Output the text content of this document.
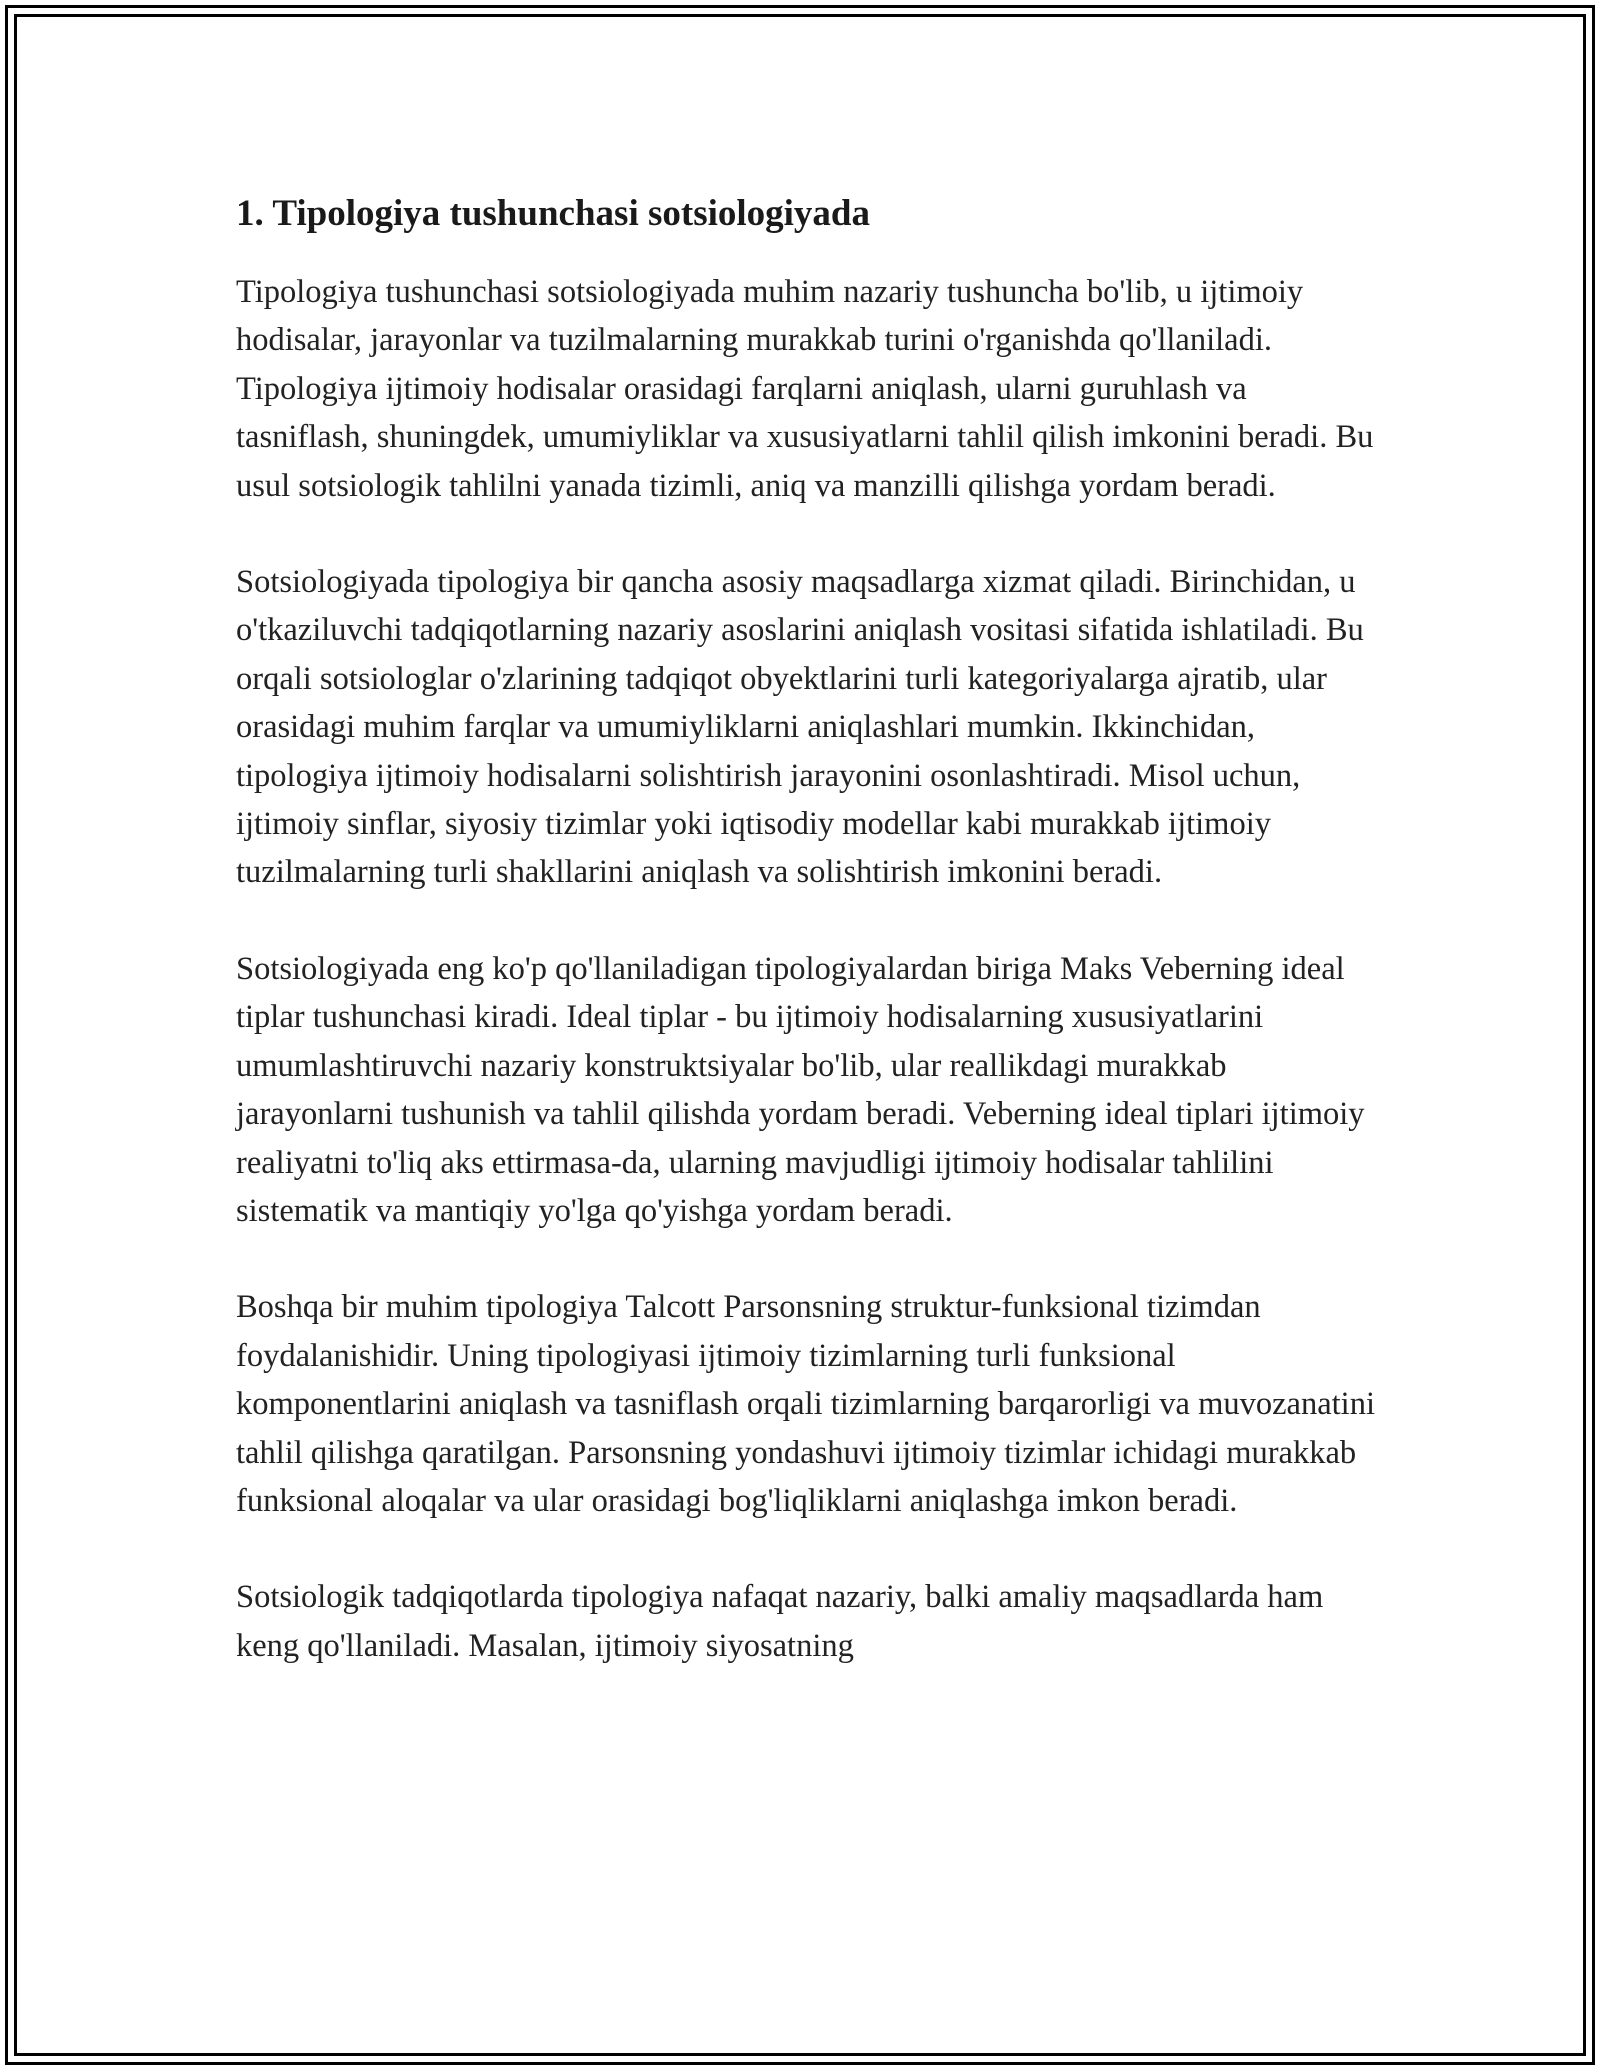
1. Tipologiya tushunchasi sotsiologiyada

Tipologiya tushunchasi sotsiologiyada muhim nazariy tushuncha bo'lib, u ijtimoiy hodisalar, jarayonlar va tuzilmalarning murakkab turini o'rganishda qo'llaniladi. Tipologiya ijtimoiy hodisalar orasidagi farqlarni aniqlash, ularni guruhlash va tasniflash, shuningdek, umumiyliklar va xususiyatlarni tahlil qilish imkonini beradi. Bu usul sotsiologik tahlilni yanada tizimli, aniq va manzilli qilishga yordam beradi.

Sotsiologiyada tipologiya bir qancha asosiy maqsadlarga xizmat qiladi. Birinchidan, u o'tkaziluvchi tadqiqotlarning nazariy asoslarini aniqlash vositasi sifatida ishlatiladi. Bu orqali sotsiologlar o'zlarining tadqiqot obyektlarini turli kategoriyalarga ajratib, ular orasidagi muhim farqlar va umumiyliklarni aniqlashlari mumkin. Ikkinchidan, tipologiya ijtimoiy hodisalarni solishtirish jarayonini osonlashtiradi. Misol uchun, ijtimoiy sinflar, siyosiy tizimlar yoki iqtisodiy modellar kabi murakkab ijtimoiy tuzilmalarning turli shakllarini aniqlash va solishtirish imkonini beradi.

Sotsiologiyada eng ko'p qo'llaniladigan tipologiyalardan biriga Maks Veberning ideal tiplar tushunchasi kiradi. Ideal tiplar - bu ijtimoiy hodisalarning xususiyatlarini umumlashtiruvchi nazariy konstruktsiyalar bo'lib, ular reallikdagi murakkab jarayonlarni tushunish va tahlil qilishda yordam beradi. Veberning ideal tiplari ijtimoiy realiyatni to'liq aks ettirmasa-da, ularning mavjudligi ijtimoiy hodisalar tahlilini sistematik va mantiqiy yo'lga qo'yishga yordam beradi.

Boshqa bir muhim tipologiya Talcott Parsonsning struktur-funksional tizimdan foydalanishidir. Uning tipologiyasi ijtimoiy tizimlarning turli funksional komponentlarini aniqlash va tasniflash orqali tizimlarning barqarorligi va muvozanatini tahlil qilishga qaratilgan. Parsonsning yondashuvi ijtimoiy tizimlar ichidagi murakkab funksional aloqalar va ular orasidagi bog'liqliklarni aniqlashga imkon beradi.

Sotsiologik tadqiqotlarda tipologiya nafaqat nazariy, balki amaliy maqsadlarda ham keng qo'llaniladi. Masalan, ijtimoiy siyosatning
